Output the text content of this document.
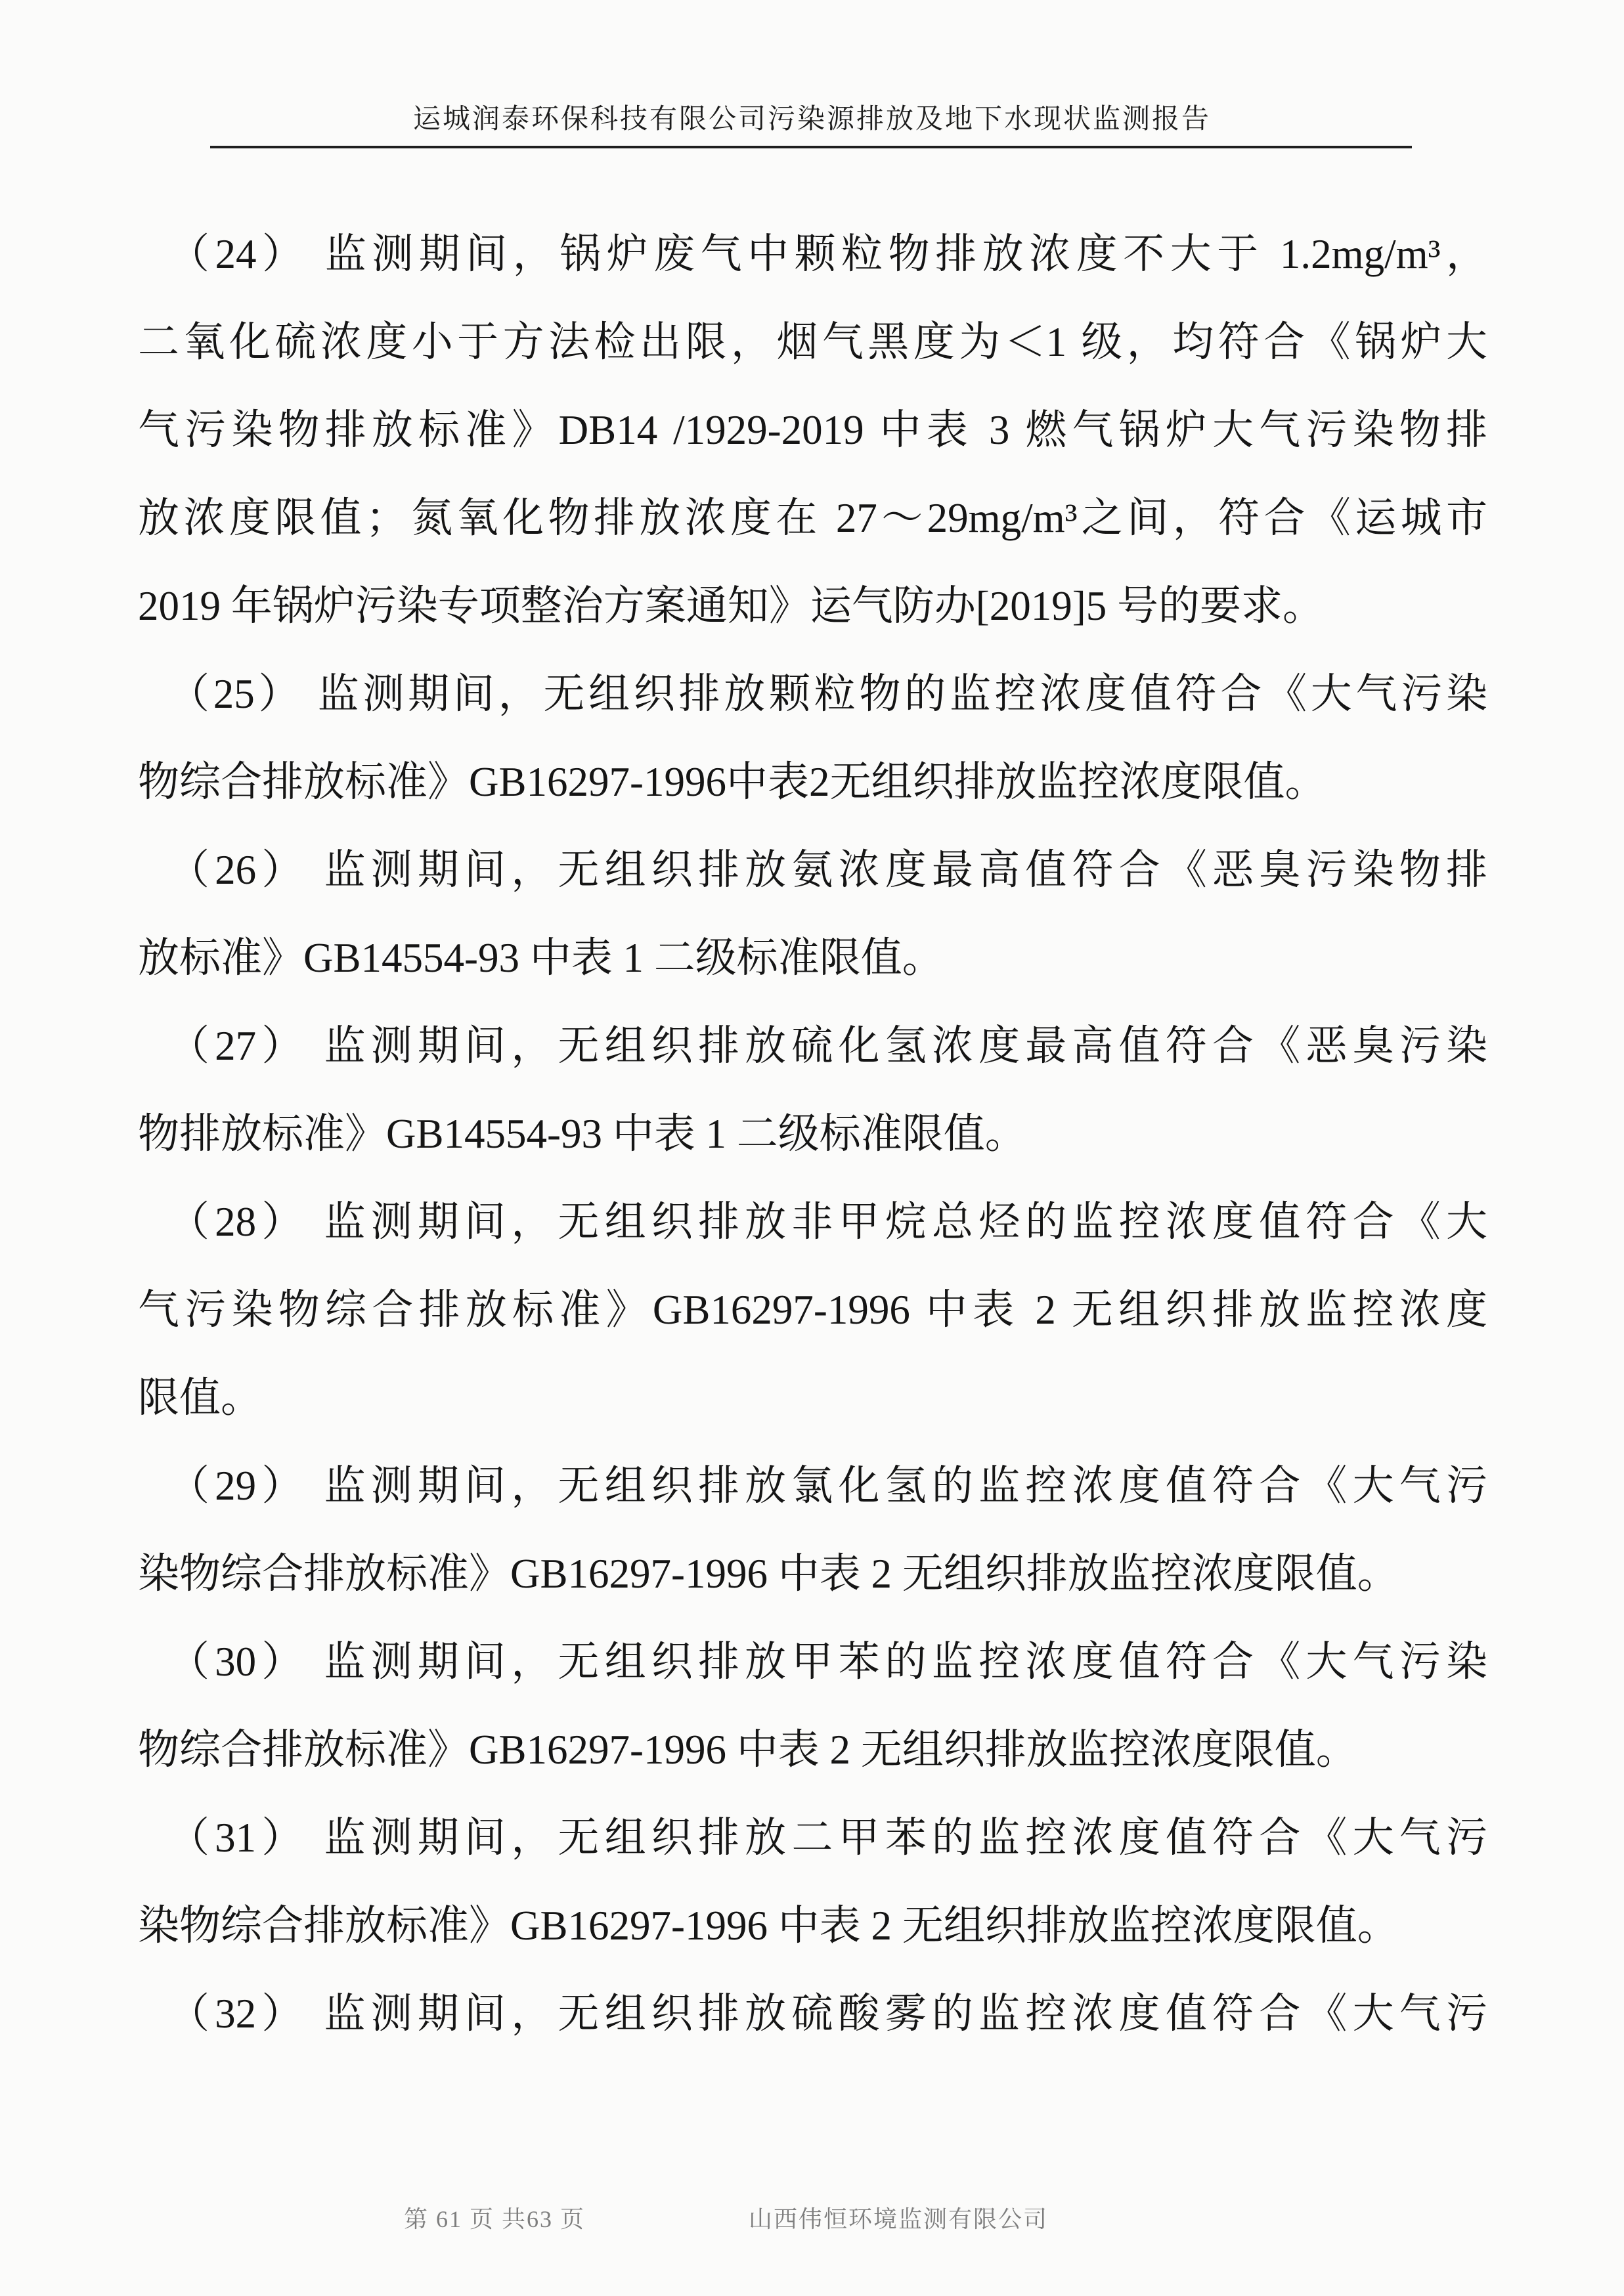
运城润泰环保科技有限公司污染源排放及地下水现状监测报告
（24） 监测期间，锅炉废气中颗粒物排放浓度不大于 1.2mg/m³，
二氧化硫浓度小于方法检出限，烟气黑度为＜1 级，均符合《锅炉大
气污染物排放标准》DB14 /1929-2019 中表 3 燃气锅炉大气污染物排
放浓度限值；氮氧化物排放浓度在 27～29mg/m³之间，符合《运城市
2019 年锅炉污染专项整治方案通知》运气防办[2019]5 号的要求。
（25） 监测期间，无组织排放颗粒物的监控浓度值符合《大气污染
物综合排放标准》GB16297-1996中表2无组织排放监控浓度限值。
（26） 监测期间，无组织排放氨浓度最高值符合《恶臭污染物排
放标准》GB14554-93 中表 1 二级标准限值。
（27） 监测期间，无组织排放硫化氢浓度最高值符合《恶臭污染
物排放标准》GB14554-93 中表 1 二级标准限值。
（28） 监测期间，无组织排放非甲烷总烃的监控浓度值符合《大
气污染物综合排放标准》GB16297-1996 中表 2 无组织排放监控浓度
限值。
（29） 监测期间，无组织排放氯化氢的监控浓度值符合《大气污
染物综合排放标准》GB16297-1996 中表 2 无组织排放监控浓度限值。
（30） 监测期间，无组织排放甲苯的监控浓度值符合《大气污染
物综合排放标准》GB16297-1996 中表 2 无组织排放监控浓度限值。
（31） 监测期间，无组织排放二甲苯的监控浓度值符合《大气污
染物综合排放标准》GB16297-1996 中表 2 无组织排放监控浓度限值。
（32） 监测期间，无组织排放硫酸雾的监控浓度值符合《大气污
第 61 页 共63 页	山西伟恒环境监测有限公司
